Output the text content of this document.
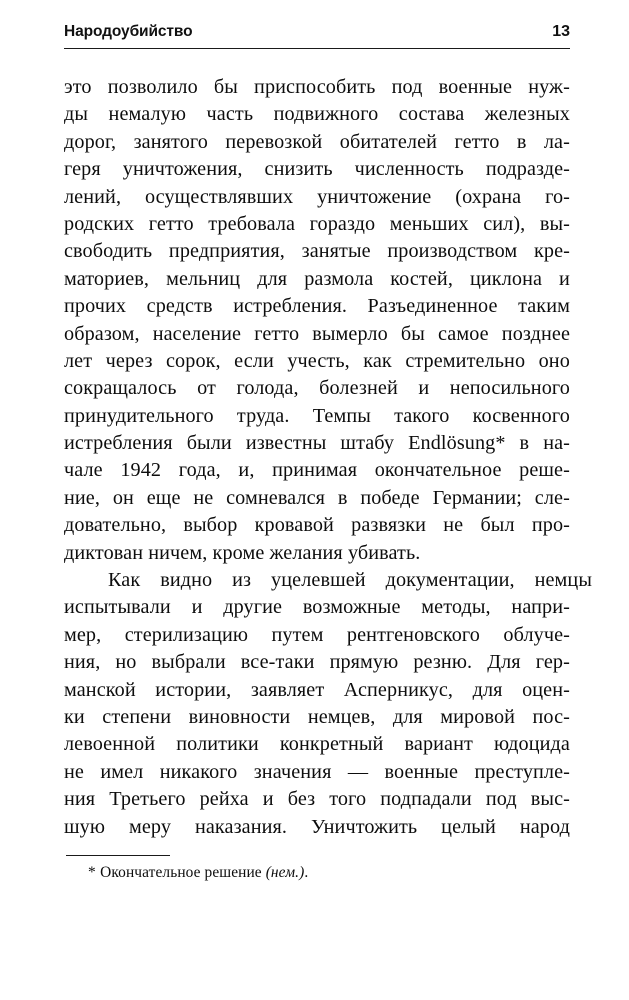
Народоубийство	13
это позволило бы приспособить под военные нуж-
ды немалую часть подвижного состава железных
дорог, занятого перевозкой обитателей гетто в ла-
геря уничтожения, снизить численность подразде-
лений, осуществлявших уничтожение (охрана го-
родских гетто требовала гораздо меньших сил), вы-
свободить предприятия, занятые производством кре-
маториев, мельниц для размола костей, циклона и
прочих средств истребления. Разъединенное таким
образом, население гетто вымерло бы самое позднее
лет через сорок, если учесть, как стремительно оно
сокращалось от голода, болезней и непосильного
принудительного труда. Темпы такого косвенного
истребления были известны штабу Endlösung* в на-
чале 1942 года, и, принимая окончательное реше-
ние, он еще не сомневался в победе Германии; сле-
довательно, выбор кровавой развязки не был про-
диктован ничем, кроме желания убивать.
Как видно из уцелевшей документации, немцы
испытывали и другие возможные методы, напри-
мер, стерилизацию путем рентгеновского облуче-
ния, но выбрали все-таки прямую резню. Для гер-
манской истории, заявляет Асперникус, для оцен-
ки степени виновности немцев, для мировой пос-
левоенной политики конкретный вариант юдоцида
не имел никакого значения — военные преступле-
ния Третьего рейха и без того подпадали под выс-
шую меру наказания. Уничтожить целый народ
* Окончательное решение (нем.).
